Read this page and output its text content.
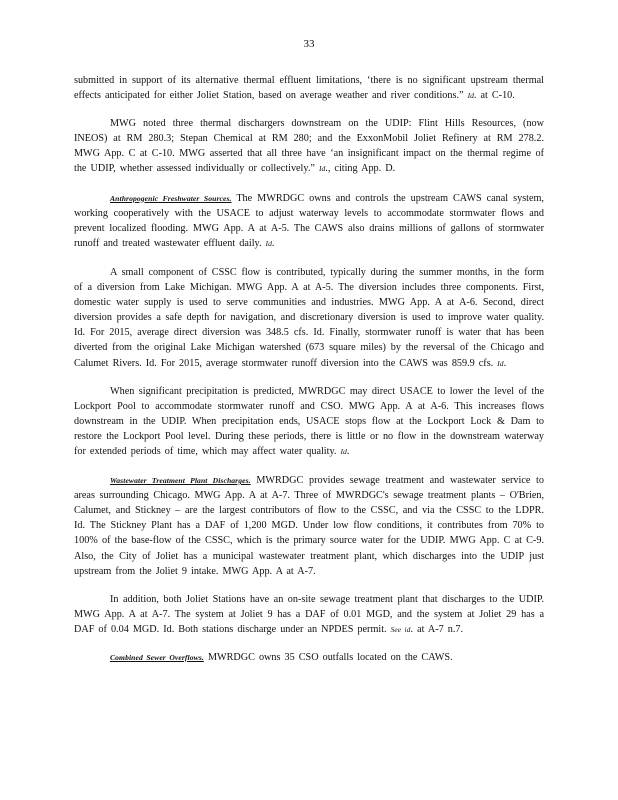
33

submitted in support of its alternative thermal effluent limitations, ‘there is no significant upstream thermal effects anticipated for either Joliet Station, based on average weather and river conditions.” Id. at C-10.

MWG noted three thermal dischargers downstream on the UDIP: Flint Hills Resources, (now INEOS) at RM 280.3; Stepan Chemical at RM 280; and the ExxonMobil Joliet Refinery at RM 278.2. MWG App. C at C-10. MWG asserted that all three have ‘an insignificant impact on the thermal regime of the UDIP, whether assessed individually or collectively.” Id., citing App. D.

Anthropogenic Freshwater Sources. The MWRDGC owns and controls the upstream CAWS canal system, working cooperatively with the USACE to adjust waterway levels to accommodate stormwater flows and prevent localized flooding. MWG App. A at A-5. The CAWS also drains millions of gallons of stormwater runoff and treated wastewater effluent daily. Id.

A small component of CSSC flow is contributed, typically during the summer months, in the form of a diversion from Lake Michigan. MWG App. A at A-5. The diversion includes three components. First, domestic water supply is used to serve communities and industries. MWG App. A at A-6. Second, direct diversion provides a safe depth for navigation, and discretionary diversion is used to improve water quality. Id. For 2015, average direct diversion was 348.5 cfs. Id. Finally, stormwater runoff is water that has been diverted from the original Lake Michigan watershed (673 square miles) by the reversal of the Chicago and Calumet Rivers. Id. For 2015, average stormwater runoff diversion into the CAWS was 859.9 cfs. Id.

When significant precipitation is predicted, MWRDGC may direct USACE to lower the level of the Lockport Pool to accommodate stormwater runoff and CSO. MWG App. A at A-6. This increases flows downstream in the UDIP. When precipitation ends, USACE stops flow at the Lockport Lock & Dam to restore the Lockport Pool level. During these periods, there is little or no flow in the downstream waterway for extended periods of time, which may affect water quality. Id.

Wastewater Treatment Plant Discharges. MWRDGC provides sewage treatment and wastewater service to areas surrounding Chicago. MWG App. A at A-7. Three of MWRDGC's sewage treatment plants – O'Brien, Calumet, and Stickney – are the largest contributors of flow to the CSSC, and via the CSSC to the LDPR. Id. The Stickney Plant has a DAF of 1,200 MGD. Under low flow conditions, it contributes from 70% to 100% of the base-flow of the CSSC, which is the primary source water for the UDIP. MWG App. C at C-9. Also, the City of Joliet has a municipal wastewater treatment plant, which discharges into the UDIP just upstream from the Joliet 9 intake. MWG App. A at A-7.

In addition, both Joliet Stations have an on-site sewage treatment plant that discharges to the UDIP. MWG App. A at A-7. The system at Joliet 9 has a DAF of 0.01 MGD, and the system at Joliet 29 has a DAF of 0.04 MGD. Id. Both stations discharge under an NPDES permit. See id. at A-7 n.7.

Combined Sewer Overflows. MWRDGC owns 35 CSO outfalls located on the CAWS.
